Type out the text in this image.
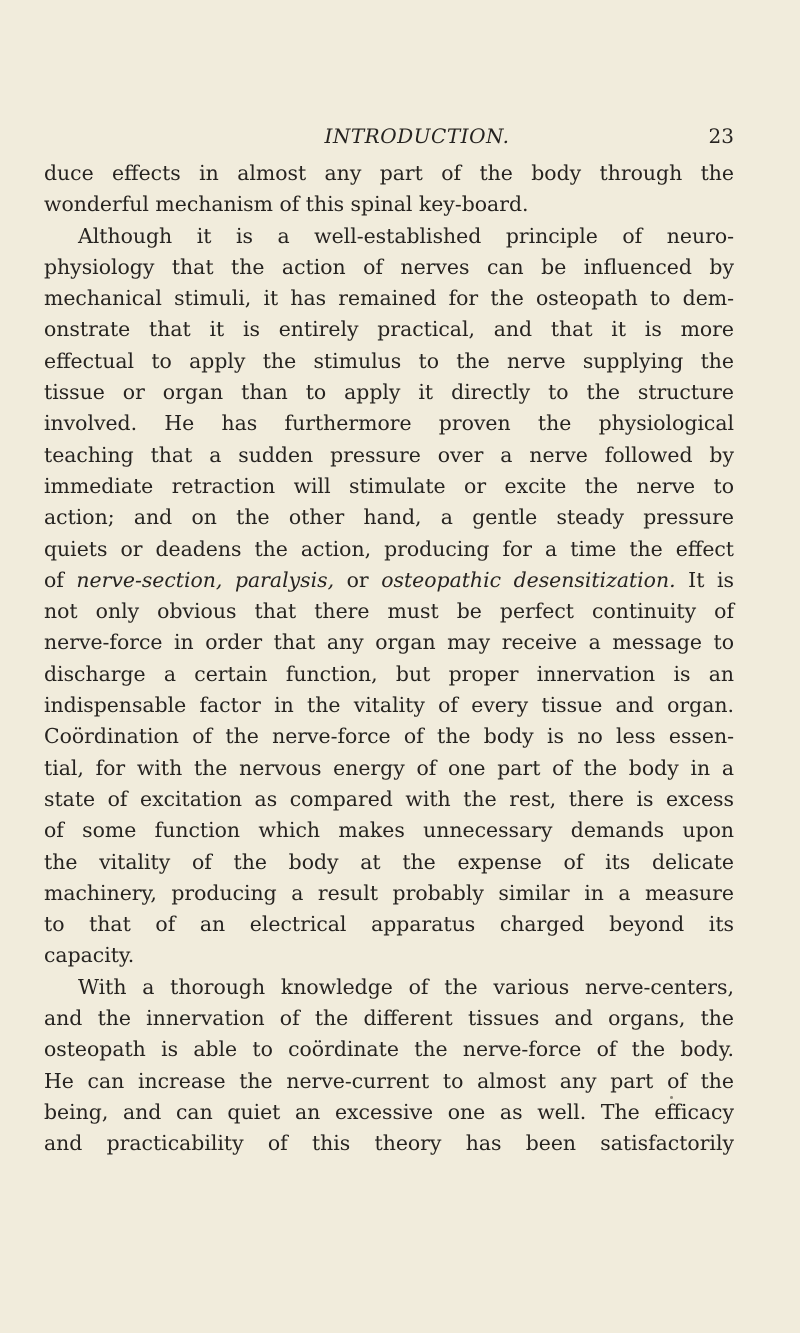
INTRODUCTION.	23
duce effects in almost any part of the body through the
wonderful mechanism of this spinal key-board.
Although it is a well-established principle of neuro-
physiology that the action of nerves can be influenced by
mechanical stimuli, it has remained for the osteopath to dem-
onstrate that it is entirely practical, and that it is more
effectual to apply the stimulus to the nerve supplying the
tissue or organ than to apply it directly to the structure
involved. He has furthermore proven the physiological
teaching that a sudden pressure over a nerve followed by
immediate retraction will stimulate or excite the nerve to
action; and on the other hand, a gentle steady pressure
quiets or deadens the action, producing for a time the effect
of nerve-section, paralysis, or osteopathic desensitization. It is
not only obvious that there must be perfect continuity of
nerve-force in order that any organ may receive a message to
discharge a certain function, but proper innervation is an
indispensable factor in the vitality of every tissue and organ.
Coördination of the nerve-force of the body is no less essen-
tial, for with the nervous energy of one part of the body in a
state of excitation as compared with the rest, there is excess
of some function which makes unnecessary demands upon
the vitality of the body at the expense of its delicate
machinery, producing a result probably similar in a measure
to that of an electrical apparatus charged beyond its
capacity.
With a thorough knowledge of the various nerve-centers,
and the innervation of the different tissues and organs, the
osteopath is able to coördinate the nerve-force of the body.
He can increase the nerve-current to almost any part of the
being, and can quiet an excessive one as well. The efficacy
and practicability of this theory has been satisfactorily
